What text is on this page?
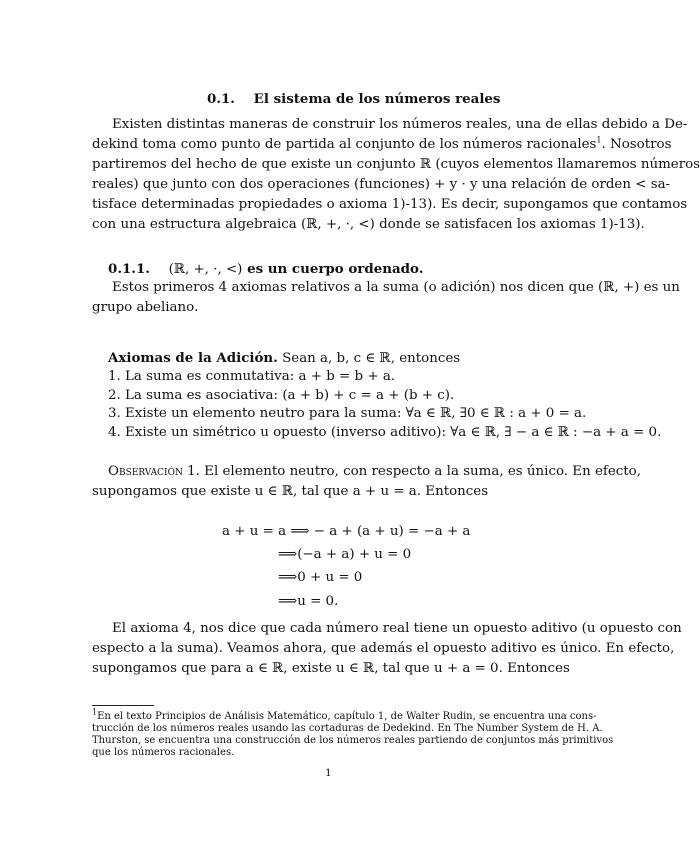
0.1. El sistema de los números reales
Existen distintas maneras de construir los números reales, una de ellas debido a De-
dekind toma como punto de partida al conjunto de los números racionales$^1$. Nosotros
partiremos del hecho de que existe un conjunto ℝ (cuyos elementos llamaremos números
reales) que junto con dos operaciones (funciones) + y · y una relación de orden < sa-
tisface determinadas propiedades o axioma 1)-13). Es decir, supongamos que contamos
con una estructura algebraica (ℝ, +, ·, <) donde se satisfacen los axiomas 1)-13).
0.1.1. (ℝ, +, ·, <) es un cuerpo ordenado.
Estos primeros 4 axiomas relativos a la suma (o adición) nos dicen que (ℝ, +) es un
grupo abeliano.
Axiomas de la Adición. Sean a, b, c ∈ ℝ, entonces
1. La suma es conmutativa: a + b = b + a.
2. La suma es asociativa: (a + b) + c = a + (b + c).
3. Existe un elemento neutro para la suma: ∀a ∈ ℝ, ∃0 ∈ ℝ : a + 0 = a.
4. Existe un simétrico u opuesto (inverso aditivo): ∀a ∈ ℝ, ∃ − a ∈ ℝ : −a + a = 0.
Observación 1. El elemento neutro, con respecto a la suma, es único. En efecto,
supongamos que existe u ∈ ℝ, tal que a + u = a. Entonces
a + u = a ⟹ − a + (a + u) = −a + a
⟹(−a + a) + u = 0
⟹0 + u = 0
⟹u = 0.
El axioma 4, nos dice que cada número real tiene un opuesto aditivo (u opuesto con
especto a la suma). Veamos ahora, que además el opuesto aditivo es único. En efecto,
supongamos que para a ∈ ℝ, existe u ∈ ℝ, tal que u + a = 0. Entonces
$^1$En el texto Principios de Análisis Matemático, capítulo 1, de Walter Rudin, se encuentra una cons-
trucción de los números reales usando las cortaduras de Dedekind. En The Number System de H. A.
Thurston, se encuentra una construcción de los números reales partiendo de conjuntos más primitivos
que los números racionales.
1
